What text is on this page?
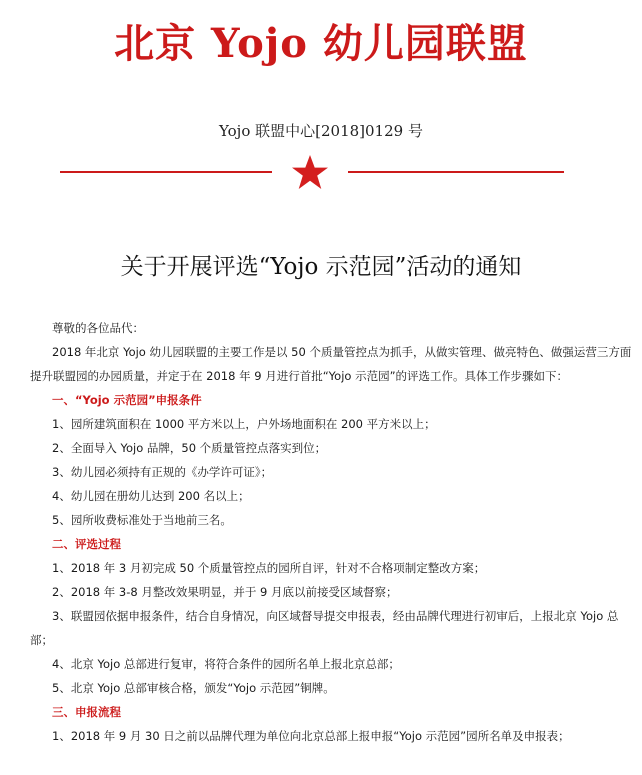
北京 Yojo 幼儿园联盟
Yojo 联盟中心[2018]0129 号
关于开展评选“Yojo 示范园”活动的通知

尊敬的各位品代：

2018 年北京 Yojo 幼儿园联盟的主要工作是以 50 个质量管控点为抓手，从做实管理、做亮特色、做强运营三方面

提升联盟园的办园质量，并定于在 2018 年 9 月进行首批“Yojo 示范园”的评选工作。具体工作步骤如下：

一、“Yojo 示范园”申报条件

1、园所建筑面积在 1000 平方米以上，户外场地面积在 200 平方米以上；

2、全面导入 Yojo 品牌，50 个质量管控点落实到位；

3、幼儿园必须持有正规的《办学许可证》；

4、幼儿园在册幼儿达到 200 名以上；

5、园所收费标准处于当地前三名。

二、评选过程

1、2018 年 3 月初完成 50 个质量管控点的园所自评，针对不合格项制定整改方案；

2、2018 年 3-8 月整改效果明显，并于 9 月底以前接受区域督察；

3、联盟园依据申报条件，结合自身情况，向区域督导提交申报表，经由品牌代理进行初审后，上报北京 Yojo 总

部；

4、北京 Yojo 总部进行复审，将符合条件的园所名单上报北京总部；

5、北京 Yojo 总部审核合格，颁发“Yojo 示范园”铜牌。

三、申报流程

1、2018 年 9 月 30 日之前以品牌代理为单位向北京总部上报申报“Yojo 示范园”园所名单及申报表；
